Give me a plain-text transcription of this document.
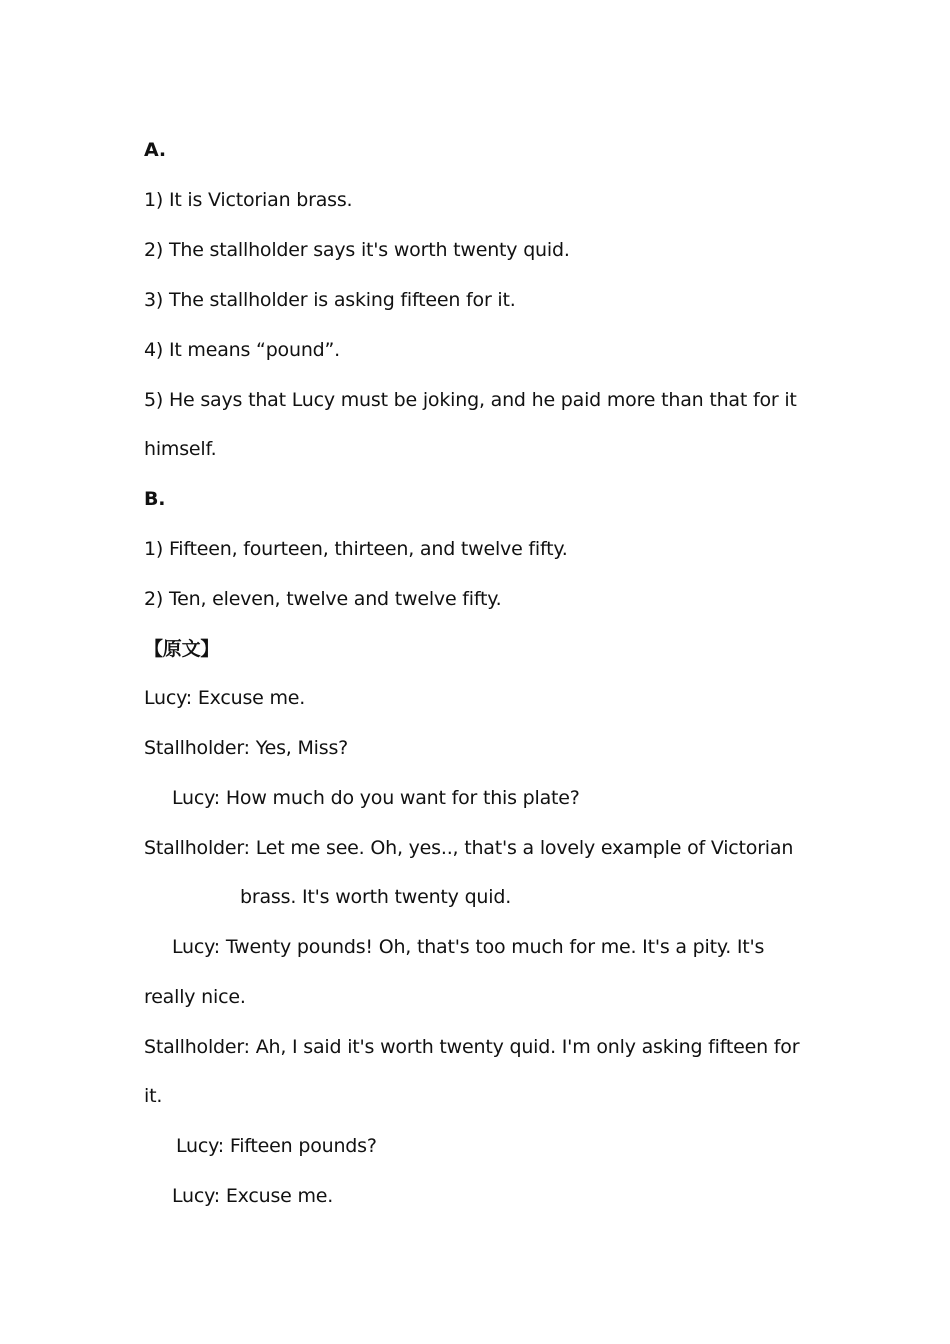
A.
1) It is Victorian brass.
2) The stallholder says it's worth twenty quid.
3) The stallholder is asking fifteen for it.
4) It means “pound”.
5) He says that Lucy must be joking, and he paid more than that for it
himself.
B.
1) Fifteen, fourteen, thirteen, and twelve fifty.
2) Ten, eleven, twelve and twelve fifty.
【原文】
Lucy: Excuse me.
Stallholder: Yes, Miss?
Lucy: How much do you want for this plate?
Stallholder: Let me see. Oh, yes.., that's a lovely example of Victorian
brass. It's worth twenty quid.
Lucy: Twenty pounds! Oh, that's too much for me. It's a pity. It's
really nice.
Stallholder: Ah, I said it's worth twenty quid. I'm only asking fifteen for
it.
Lucy: Fifteen pounds?
Lucy: Excuse me.
